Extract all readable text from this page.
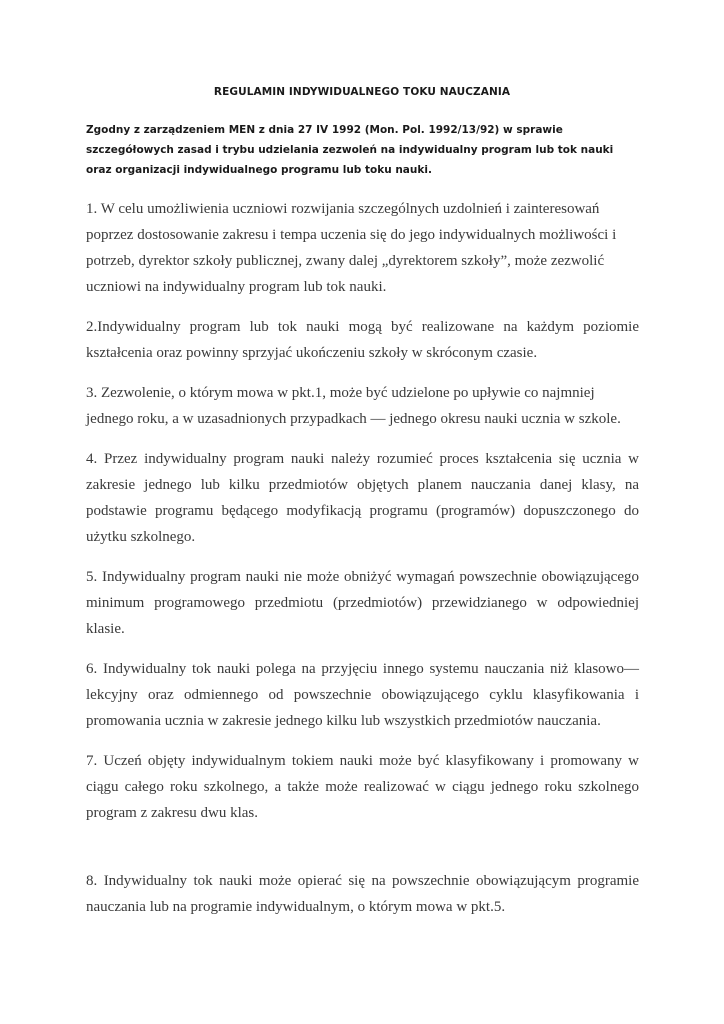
REGULAMIN INDYWIDUALNEGO TOKU NAUCZANIA

Zgodny z zarządzeniem MEN z dnia 27 IV 1992 (Mon. Pol. 1992/13/92) w sprawie szczegółowych zasad i trybu udzielania zezwoleń na indywidualny program lub tok nauki oraz organizacji indywidualnego programu lub toku nauki.

1. W celu umożliwienia uczniowi rozwijania szczególnych uzdolnień i zainteresowań poprzez dostosowanie zakresu i tempa uczenia się do jego indywidualnych możliwości i potrzeb, dyrektor szkoły publicznej, zwany dalej „dyrektorem szkoły”, może zezwolić uczniowi na indywidualny program lub tok nauki.

2.Indywidualny program lub tok nauki mogą być realizowane na każdym poziomie kształcenia oraz powinny sprzyjać ukończeniu szkoły w skróconym czasie.

3. Zezwolenie, o którym mowa w pkt.1, może być udzielone po upływie co najmniej jednego roku, a w uzasadnionych przypadkach — jednego okresu nauki ucznia w szkole.

4. Przez indywidualny program nauki należy rozumieć proces kształcenia się ucznia w zakresie jednego lub kilku przedmiotów objętych planem nauczania danej klasy, na podstawie programu będącego modyfikacją programu (programów) dopuszczonego do użytku szkolnego.

5. Indywidualny program nauki nie może obniżyć wymagań powszechnie obowiązującego minimum programowego przedmiotu (przedmiotów) przewidzianego w odpowiedniej klasie.

6. Indywidualny tok nauki polega na przyjęciu innego systemu nauczania niż klasowo—lekcyjny oraz odmiennego od powszechnie obowiązującego cyklu klasyfikowania i promowania ucznia w zakresie jednego kilku lub wszystkich przedmiotów nauczania.

7. Uczeń objęty indywidualnym tokiem nauki może być klasyfikowany i promowany w ciągu całego roku szkolnego, a także może realizować w ciągu jednego roku szkolnego program z zakresu dwu klas.

8. Indywidualny tok nauki może opierać się na powszechnie obowiązującym programie nauczania lub na programie indywidualnym, o którym mowa w pkt.5.
